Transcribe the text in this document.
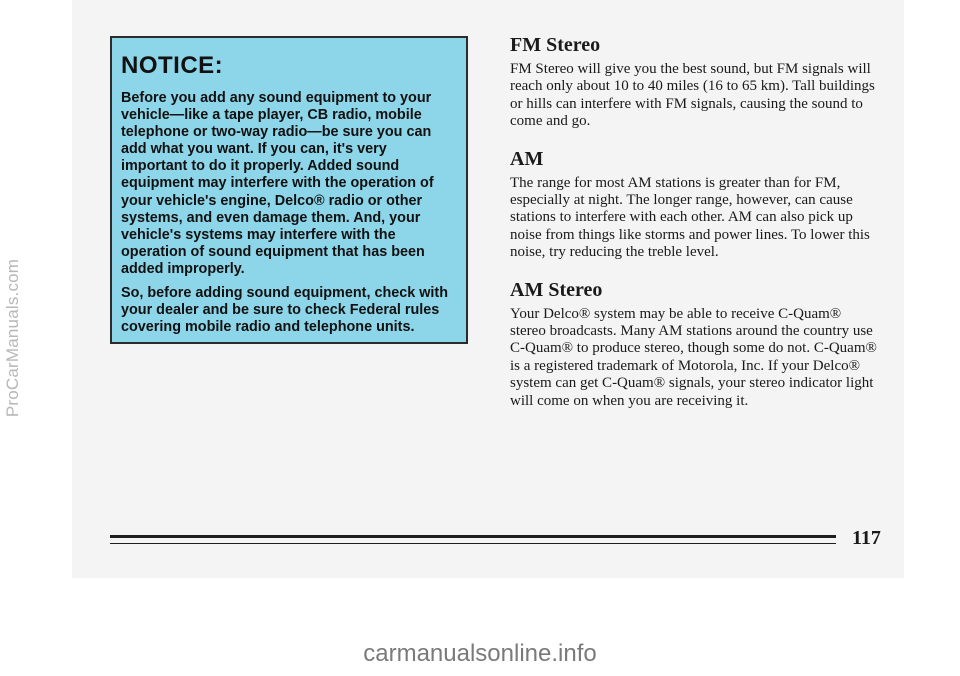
ProCarManuals.com
NOTICE:

Before you add any sound equipment to your vehicle—like a tape player, CB radio, mobile telephone or two-way radio—be sure you can add what you want. If you can, it's very important to do it properly. Added sound equipment may interfere with the operation of your vehicle's engine, Delco® radio or other systems, and even damage them. And, your vehicle's systems may interfere with the operation of sound equipment that has been added improperly.

So, before adding sound equipment, check with your dealer and be sure to check Federal rules covering mobile radio and telephone units.

FM Stereo

FM Stereo will give you the best sound, but FM signals will reach only about 10 to 40 miles (16 to 65 km). Tall buildings or hills can interfere with FM signals, causing the sound to come and go.

AM

The range for most AM stations is greater than for FM, especially at night. The longer range, however, can cause stations to interfere with each other. AM can also pick up noise from things like storms and power lines. To lower this noise, try reducing the treble level.

AM Stereo

Your Delco® system may be able to receive C-Quam® stereo broadcasts. Many AM stations around the country use C-Quam® to produce stereo, though some do not. C-Quam® is a registered trademark of Motorola, Inc. If your Delco® system can get C-Quam® signals, your stereo indicator light will come on when you are receiving it.

117
carmanualsonline.info
